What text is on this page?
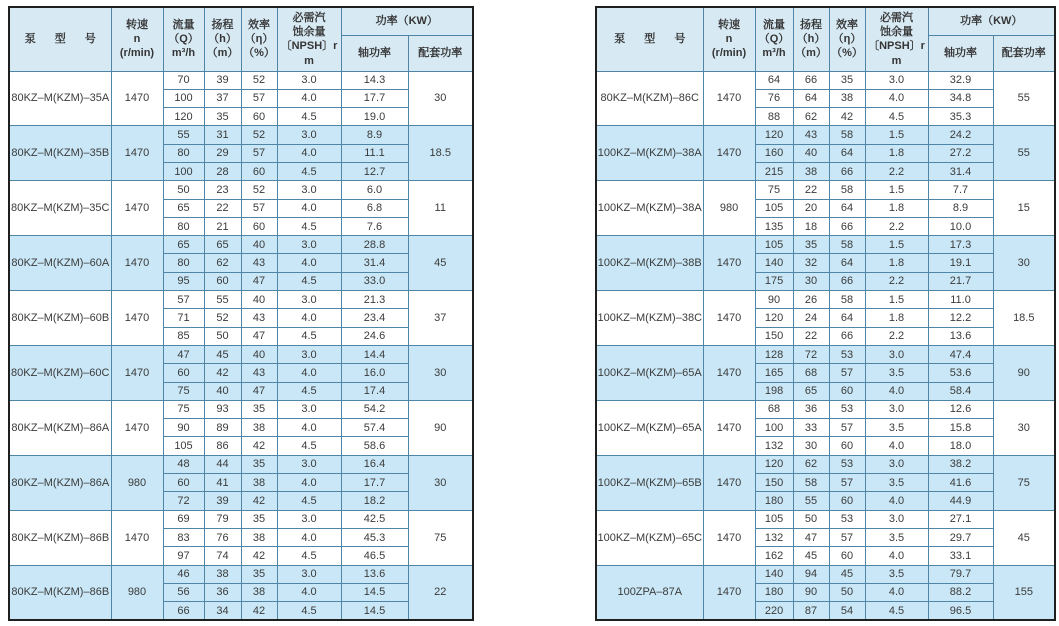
泵 型 号	转速
n
(r/min)	流量
（Q）
m³/h	扬程
（h）
（m）	效率
（η）
（%）	必需汽
蚀余量
〔NPSH〕r
m	功率（KW）	
						轴功率	配套功率
80KZ–M(KZM)–35A	1470	70	39	52	3.0	14.3	30
		100	37	57	4.0	17.7	
		120	35	60	4.5	19.0	
80KZ–M(KZM)–35B	1470	55	31	52	3.0	8.9	18.5
		80	29	57	4.0	11.1	
		100	28	60	4.5	12.7	
80KZ–M(KZM)–35C	1470	50	23	52	3.0	6.0	11
		65	22	57	4.0	6.8	
		80	21	60	4.5	7.6	
80KZ–M(KZM)–60A	1470	65	65	40	3.0	28.8	45
		80	62	43	4.0	31.4	
		95	60	47	4.5	33.0	
80KZ–M(KZM)–60B	1470	57	55	40	3.0	21.3	37
		71	52	43	4.0	23.4	
		85	50	47	4.5	24.6	
80KZ–M(KZM)–60C	1470	47	45	40	3.0	14.4	30
		60	42	43	4.0	16.0	
		75	40	47	4.5	17.4	
80KZ–M(KZM)–86A	1470	75	93	35	3.0	54.2	90
		90	89	38	4.0	57.4	
		105	86	42	4.5	58.6	
80KZ–M(KZM)–86A	980	48	44	35	3.0	16.4	30
		60	41	38	4.0	17.7	
		72	39	42	4.5	18.2	
80KZ–M(KZM)–86B	1470	69	79	35	3.0	42.5	75
		83	76	38	4.0	45.3	
		97	74	42	4.5	46.5	
80KZ–M(KZM)–86B	980	46	38	35	3.0	13.6	22
		56	36	38	4.0	14.5	
		66	34	42	4.5	14.5	
泵 型 号	转速
n
(r/min)	流量
（Q）
m³/h	扬程
（h）
（m）	效率
（η）
（%）	必需汽
蚀余量
〔NPSH〕r
m	功率（KW）	
						轴功率	配套功率
80KZ–M(KZM)–86C	1470	64	66	35	3.0	32.9	55
		76	64	38	4.0	34.8	
		88	62	42	4.5	35.3	
100KZ–M(KZM)–38A	1470	120	43	58	1.5	24.2	55
		160	40	64	1.8	27.2	
		215	38	66	2.2	31.4	
100KZ–M(KZM)–38A	980	75	22	58	1.5	7.7	15
		105	20	64	1.8	8.9	
		135	18	66	2.2	10.0	
100KZ–M(KZM)–38B	1470	105	35	58	1.5	17.3	30
		140	32	64	1.8	19.1	
		175	30	66	2.2	21.7	
100KZ–M(KZM)–38C	1470	90	26	58	1.5	11.0	18.5
		120	24	64	1.8	12.2	
		150	22	66	2.2	13.6	
100KZ–M(KZM)–65A	1470	128	72	53	3.0	47.4	90
		165	68	57	3.5	53.6	
		198	65	60	4.0	58.4	
100KZ–M(KZM)–65A	1470	68	36	53	3.0	12.6	30
		100	33	57	3.5	15.8	
		132	30	60	4.0	18.0	
100KZ–M(KZM)–65B	1470	120	62	53	3.0	38.2	75
		150	58	57	3.5	41.6	
		180	55	60	4.0	44.9	
100KZ–M(KZM)–65C	1470	105	50	53	3.0	27.1	45
		132	47	57	3.5	29.7	
		162	45	60	4.0	33.1	
100ZPA–87A	1470	140	94	45	3.5	79.7	155
		180	90	50	4.0	88.2	
		220	87	54	4.5	96.5	
